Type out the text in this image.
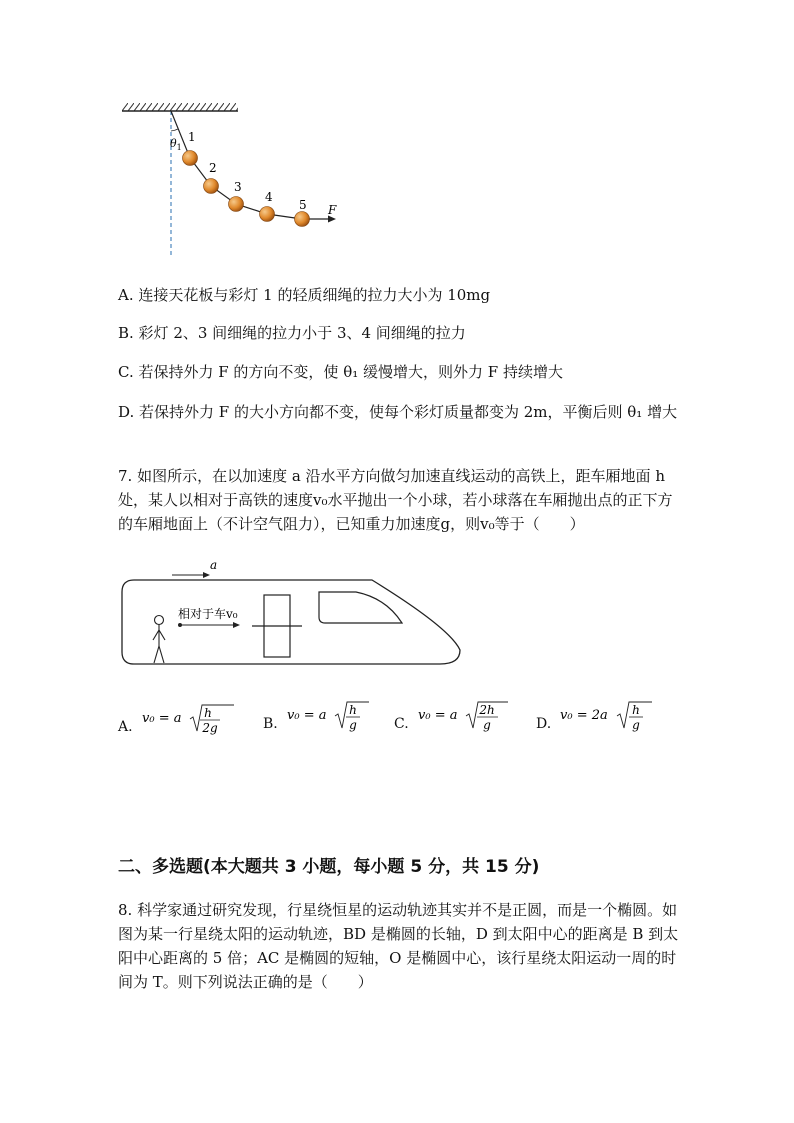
1
2
3
4
5
$\theta_1$
F
A. 连接天花板与彩灯 1 的轻质细绳的拉力大小为 10mg
B. 彩灯 2、3 间细绳的拉力小于 3、4 间细绳的拉力
C. 若保持外力 F 的方向不变，使 θ₁ 缓慢增大，则外力 F 持续增大
D. 若保持外力 F 的大小方向都不变，使每个彩灯质量都变为 2m，平衡后则 θ₁ 增大
7. 如图所示，在以加速度 a 沿水平方向做匀加速直线运动的高铁上，距车厢地面 h 处，某人以相对于高铁的速度v₀水平抛出一个小球，若小球落在车厢抛出点的正下方的车厢地面上（不计空气阻力），已知重力加速度g，则v₀等于（　　）
a
相对于车v₀
A.
v₀ = a h
2g	B.
v₀ = a h
g	C.
v₀ = a 2h
g	D.
v₀ = 2a h
g
二、多选题(本大题共 3 小题，每小题 5 分，共 15 分)
8. 科学家通过研究发现，行星绕恒星的运动轨迹其实并不是正圆，而是一个椭圆。如图为某一行星绕太阳的运动轨迹，BD 是椭圆的长轴，D 到太阳中心的距离是 B 到太阳中心距离的 5 倍；AC 是椭圆的短轴，O 是椭圆中心，该行星绕太阳运动一周的时间为 T。则下列说法正确的是（　　）
